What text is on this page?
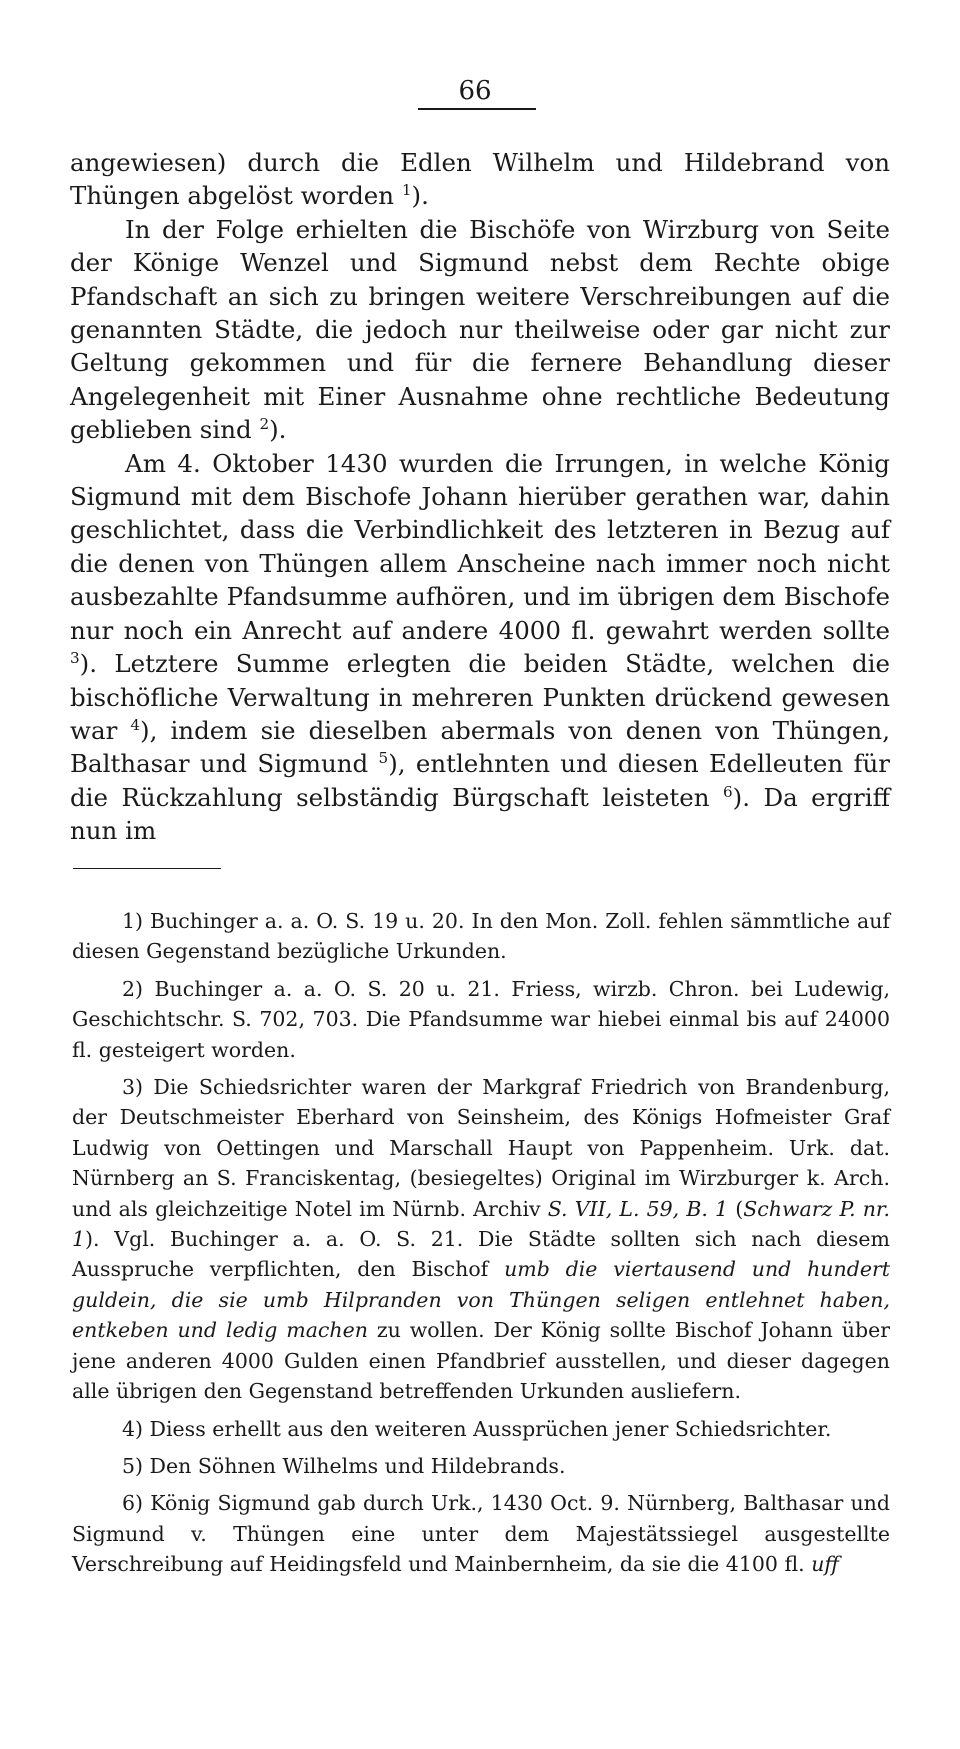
66

angewiesen) durch die Edlen Wilhelm und Hildebrand von Thüngen abgelöst worden $^1$).

In der Folge erhielten die Bischöfe von Wirzburg von Seite der Könige Wenzel und Sigmund nebst dem Rechte obige Pfandschaft an sich zu bringen weitere Verschreibungen auf die genannten Städte, die jedoch nur theilweise oder gar nicht zur Geltung gekommen und für die fernere Behandlung dieser Angelegenheit mit Einer Ausnahme ohne rechtliche Bedeutung geblieben sind $^2$).

Am 4. Oktober 1430 wurden die Irrungen, in welche König Sigmund mit dem Bischofe Johann hierüber gerathen war, dahin geschlichtet, dass die Verbindlichkeit des letzteren in Bezug auf die denen von Thüngen allem Anscheine nach immer noch nicht ausbezahlte Pfandsumme aufhören, und im übrigen dem Bischofe nur noch ein Anrecht auf andere 4000 fl. gewahrt werden sollte $^3$). Letztere Summe erlegten die beiden Städte, welchen die bischöfliche Verwaltung in mehreren Punkten drückend gewesen war $^4$), indem sie dieselben abermals von denen von Thüngen, Balthasar und Sigmund $^5$), entlehnten und diesen Edelleuten für die Rückzahlung selbständig Bürgschaft leisteten $^6$). Da ergriff nun im

1) Buchinger a. a. O. S. 19 u. 20. In den Mon. Zoll. fehlen sämmtliche auf diesen Gegenstand bezügliche Urkunden.

2) Buchinger a. a. O. S. 20 u. 21. Friess, wirzb. Chron. bei Ludewig, Geschichtschr. S. 702, 703. Die Pfandsumme war hiebei einmal bis auf 24000 fl. gesteigert worden.

3) Die Schiedsrichter waren der Markgraf Friedrich von Brandenburg, der Deutschmeister Eberhard von Seinsheim, des Königs Hofmeister Graf Ludwig von Oettingen und Marschall Haupt von Pappenheim. Urk. dat. Nürnberg an S. Franciskentag, (besiegeltes) Original im Wirzburger k. Arch. und als gleichzeitige Notel im Nürnb. Archiv S. VII, L. 59, B. 1 (Schwarz P. nr. 1). Vgl. Buchinger a. a. O. S. 21. Die Städte sollten sich nach diesem Ausspruche verpflichten, den Bischof umb die viertausend und hundert guldein, die sie umb Hilpranden von Thüngen seligen entlehnet haben, entkeben und ledig machen zu wollen. Der König sollte Bischof Johann über jene anderen 4000 Gulden einen Pfandbrief ausstellen, und dieser dagegen alle übrigen den Gegenstand betreffenden Urkunden ausliefern.

4) Diess erhellt aus den weiteren Aussprüchen jener Schiedsrichter.

5) Den Söhnen Wilhelms und Hildebrands.

6) König Sigmund gab durch Urk., 1430 Oct. 9. Nürnberg, Balthasar und Sigmund v. Thüngen eine unter dem Majestätssiegel ausgestellte Verschreibung auf Heidingsfeld und Mainbernheim, da sie die 4100 fl. uff
